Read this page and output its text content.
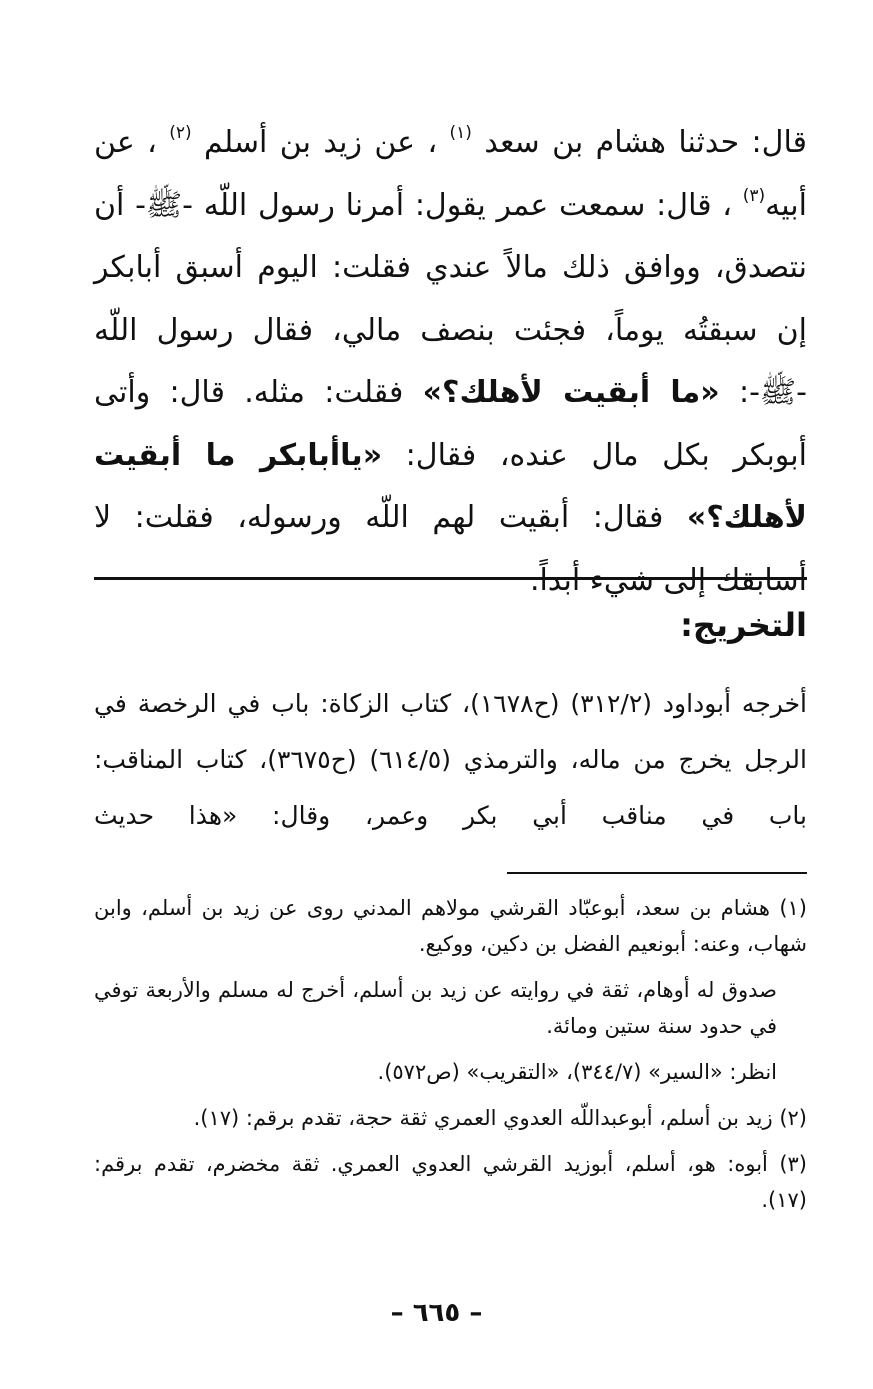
قال: حدثنا هشام بن سعد $^{(١)}$ ، عن زيد بن أسلم $^{(٢)}$ ، عن أبيه$^{(٣)}$ ، قال: سمعت عمر يقول: أمرنا رسول اللّه -ﷺ- أن نتصدق، ووافق ذلك مالاً عندي فقلت: اليوم أسبق أبابكر إن سبقتُه يوماً، فجئت بنصف مالي، فقال رسول اللّه -ﷺ-: «ما أبقيت لأهلك؟» فقلت: مثله. قال: وأتى أبوبكر بكل مال عنده، فقال: «ياأبابكر ما أبقيت لأهلك؟» فقال: أبقيت لهم اللّه ورسوله، فقلت: لا أسابقك إلى شيء أبداً.

التخريج:

أخرجه أبوداود (٣١٢/٢) (ح١٦٧٨)، كتاب الزكاة: باب في الرخصة في الرجل يخرج من ماله، والترمذي (٦١٤/٥) (ح٣٦٧٥)، كتاب المناقب: باب في مناقب أبي بكر وعمر، وقال: «هذا حديث

(١) هشام بن سعد، أبوعبّاد القرشي مولاهم المدني روى عن زيد بن أسلم، وابن شهاب، وعنه: أبونعيم الفضل بن دكين، ووكيع.

صدوق له أوهام، ثقة في روايته عن زيد بن أسلم، أخرج له مسلم والأربعة توفي في حدود سنة ستين ومائة.

انظر: «السير» (٣٤٤/٧)، «التقريب» (ص٥٧٢).

(٢) زيد بن أسلم، أبوعبداللّه العدوي العمري ثقة حجة، تقدم برقم: (١٧).

(٣) أبوه: هو، أسلم، أبوزيد القرشي العدوي العمري. ثقة مخضرم، تقدم برقم: (١٧).

– ٦٦٥ –
